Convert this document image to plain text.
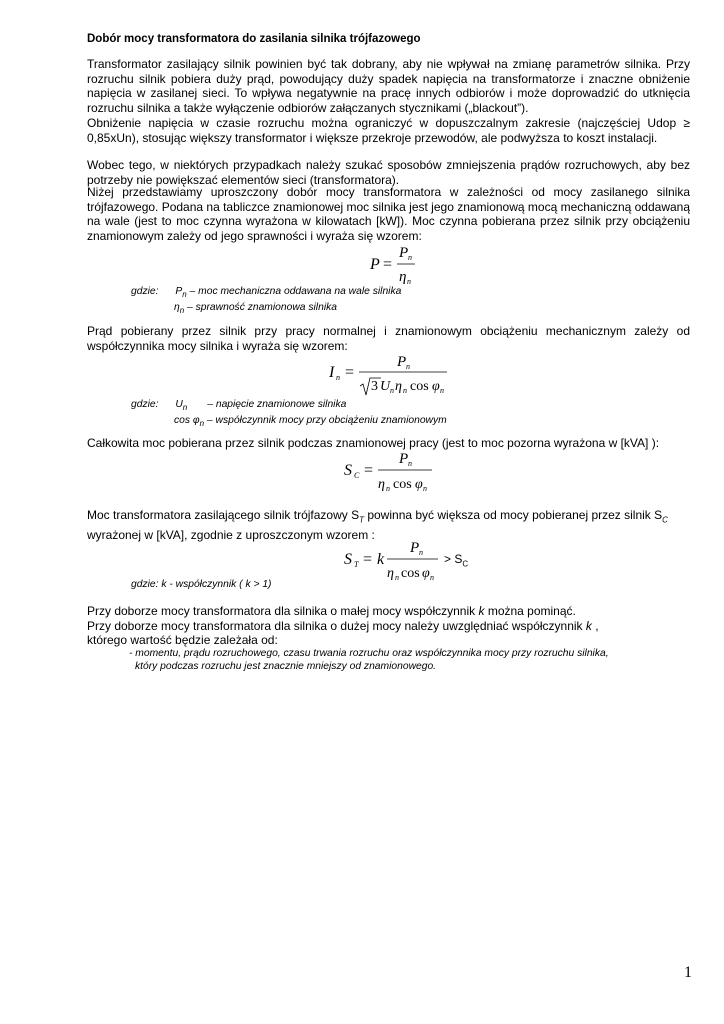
Dobór mocy transformatora do zasilania silnika trójfazowego
Transformator zasilający silnik powinien być tak dobrany, aby nie wpływał na zmianę parametrów silnika. Przy rozruchu silnik pobiera duży prąd, powodujący duży spadek napięcia na transformatorze i znaczne obniżenie napięcia w zasilanej sieci. To wpływa negatywnie na pracę innych odbiorów i może doprowadzić do utknięcia rozruchu silnika a także wyłączenie odbiorów załączanych stycznikami („blackout”).
Obniżenie napięcia w czasie rozruchu można ograniczyć w dopuszczalnym zakresie (najczęściej Udop ≥ 0,85xUn), stosując większy transformator i większe przekroje przewodów, ale podwyższa to koszt instalacji.
Wobec tego, w niektórych przypadkach należy szukać sposobów zmniejszenia prądów rozruchowych, aby bez potrzeby nie powiększać elementów sieci (transformatora).
Niżej przedstawiamy uproszczony dobór mocy transformatora w zależności od mocy zasilanego silnika trójfazowego. Podana na tabliczce znamionowej moc silnika jest jego znamionową mocą mechaniczną oddawaną na wale (jest to moc czynna wyrażona w kilowatach [kW]). Moc czynna pobierana przez silnik przy obciążeniu znamionowym zależy od jego sprawności i wyraża się wzorem:
P =
P n
η n
gdzie: $P_n$ – moc mechaniczna oddawana na wale silnika
$\eta_n$ – sprawność znamionowa silnika
Prąd pobierany przez silnik przy pracy normalnej i znamionowym obciążeniu mechanicznym zależy od współczynnika mocy silnika i wyraża się wzorem:
I n =
P n
3 U n η n cos φ n
gdzie: $U_n$ – napięcie znamionowe silnika
$\cos \varphi_n$ – współczynnik mocy przy obciążeniu znamionowym
Całkowita moc pobierana przez silnik podczas znamionowej pracy (jest to moc pozorna wyrażona w [kVA] ):
S C =
P n
η n cos φ n
Moc transformatora zasilającego silnik trójfazowy $S_T$ powinna być większa od mocy pobieranej przez silnik $S_C$
wyrażonej w [kVA], zgodnie z uproszczonym wzorem :
S T = k
P n
η n cos φ n
> $S_C$
gdzie: k - współczynnik ( k > 1)
Przy doborze mocy transformatora dla silnika o małej mocy współczynnik k można pominąć.
Przy doborze mocy transformatora dla silnika o dużej mocy należy uwzględniać współczynnik k ,
którego wartość będzie zależała od:
- momentu, prądu rozruchowego, czasu trwania rozruchu oraz współczynnika mocy przy rozruchu silnika,
który podczas rozruchu jest znacznie mniejszy od znamionowego.
1
